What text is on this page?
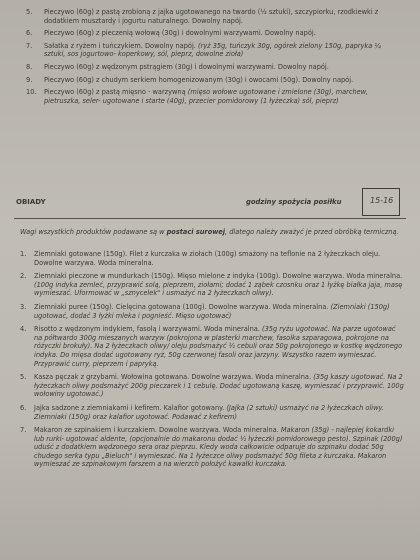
5. Pieczywo (60g) z pastą zrobioną z jajka ugotowanego na twardo (½ sztuki), szczypiorku, rzodkiewki z dodatkiem musztardy i jogurtu naturalnego. Dowolny napój.
6. Pieczywo (60g) z pieczenią wołową (30g) i dowolnymi warzywami. Dowolny napój.
7. Sałatka z ryżem i tuńczykiem. Dowolny napój. (ryż 35g, tuńczyk 30g, ogórek zielony 150g, papryka ¼ sztuki, sos jogurtowo- koperkowy, sól, pieprz, dowolne zioła)
8. Pieczywo (60g) z wędzonym pstrągiem (30g) i dowolnymi warzywami. Dowolny napój.
9. Pieczywo (60g) z chudym serkiem homogenizowanym (30g) i owocami (50g). Dowolny napój.
10. Pieczywo (60g) z pastą mięsno - warzywną (mięso wołowe ugotowane i zmielone (30g), marchew, pietruszka, seler- ugotowane i starte (40g), przecier pomidorowy (1 łyżeczka) sól, pieprz)
OBIADY	godziny spożycia posiłku	15-16
Wagi wszystkich produktów podawane są w postaci surowej, dlatego należy zważyć je przed obróbką termiczną.
1. Ziemniaki gotowane (150g). Filet z kurczaka w ziołach (100g) smażony na teflonie na 2 łyżeczkach oleju. Dowolne warzywa. Woda mineralna.
2. Ziemniaki pieczone w mundurkach (150g). Mięso mielone z indyka (100g). Dowolne warzywa. Woda mineralna. (100g indyka zemleć, przyprawić solą, pieprzem, ziołami; dodać 1 ząbek czosnku oraz 1 łyżkę białka jaja, masę wymieszać. Uformować w „sznycelek" i usmażyć na 2 łyżeczkach oliwy).
3. Ziemniaki puree (150g). Cielęcina gotowana (100g). Dowolne warzywa. Woda mineralna. (Ziemniaki (150g) ugotować, dodać 3 łyżki mleka i pognieść. Mięso ugotować)
4. Risotto z wędzonym indykiem, fasolą i warzywami. Woda mineralna. (35g ryżu ugotować. Na parze ugotować na półtwardo 300g mieszanych warzyw (pokrojona w plasterki marchew, fasolka szparagowa, pokrojone na różyczki brokuły). Na 2 łyżeczkach oliwy/ oleju podsmażyć ½ cebuli oraz 50g pokrojonego w kostkę wędzonego indyka. Do mięsa dodać ugotowany ryż, 50g czerwonej fasoli oraz jarzyny. Wszystko razem wymieszać. Przyprawić curry, pieprzem i papryką.
5. Kasza pęczak z grzybami. Wołowina gotowana. Dowolne warzywa. Woda mineralna. (35g kaszy ugotować. Na 2 łyżeczkach oliwy podsmażyć 200g pieczarek i 1 cebulę. Dodać ugotowaną kaszę, wymieszać i przyprawić. 100g wołowiny ugotować.)
6. Jajka sadzone z ziemniakami i kefirem. Kalafior gotowany. (Jajka (2 sztuki) usmażyć na 2 łyżeczkach oliwy. Ziemniaki (150g) oraz kalafior ugotować. Podawać z kefirem)
7. Makaron ze szpinakiem i kurczakiem. Dowolne warzywa. Woda mineralna. Makaron (35g) - najlepiej kokardki lub rurki- ugotować aldente, (opcjonalnie do makaronu dodać ½ łyżeczki pomidorowego pesto). Szpinak (200g) uduść z dodatkiem wędzonego sera oraz pieprzu. Kiedy woda całkowicie odparuje do szpinaku dodać 50g chudego serka typu „Bieluch" i wymieszać. Na 1 łyżeczce oliwy podsmażyć 50g fileta z kurczaka. Makaron wymieszać ze szpinakowym farszem a na wierzch położyć kawałki kurczaka.
